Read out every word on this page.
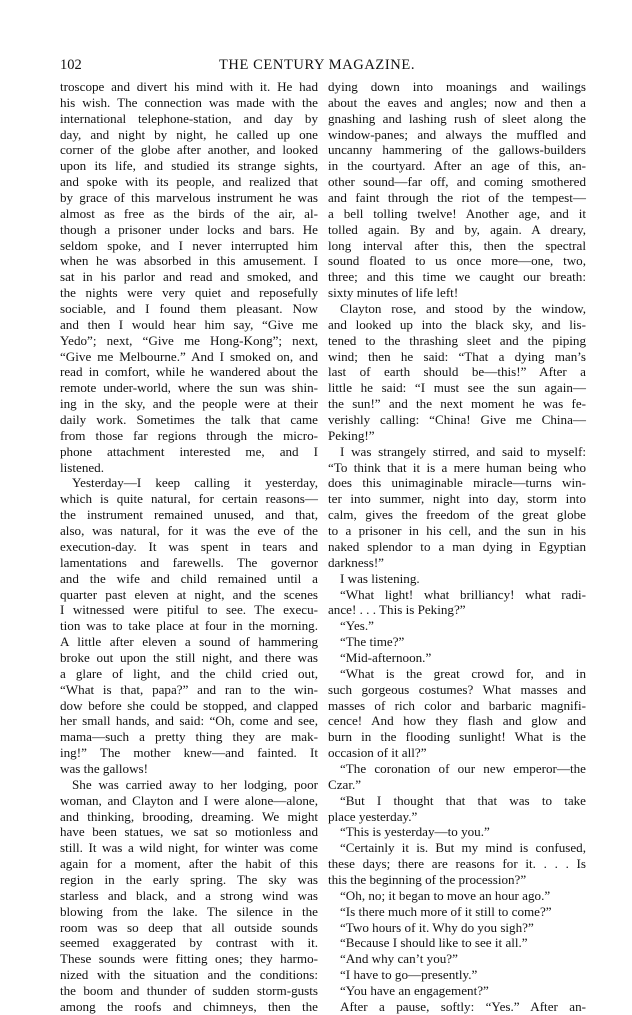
102	THE CENTURY MAGAZINE.
troscope and divert his mind with it. He had
his wish. The connection was made with the
international telephone-station, and day by
day, and night by night, he called up one
corner of the globe after another, and looked
upon its life, and studied its strange sights,
and spoke with its people, and realized that
by grace of this marvelous instrument he was
almost as free as the birds of the air, al-
though a prisoner under locks and bars. He
seldom spoke, and I never interrupted him
when he was absorbed in this amusement. I
sat in his parlor and read and smoked, and
the nights were very quiet and reposefully
sociable, and I found them pleasant. Now
and then I would hear him say, “Give me
Yedo”; next, “Give me Hong-Kong”; next,
“Give me Melbourne.” And I smoked on, and
read in comfort, while he wandered about the
remote under-world, where the sun was shin-
ing in the sky, and the people were at their
daily work. Sometimes the talk that came
from those far regions through the micro-
phone attachment interested me, and I
listened.
Yesterday—I keep calling it yesterday,
which is quite natural, for certain reasons—
the instrument remained unused, and that,
also, was natural, for it was the eve of the
execution-day. It was spent in tears and
lamentations and farewells. The governor
and the wife and child remained until a
quarter past eleven at night, and the scenes
I witnessed were pitiful to see. The execu-
tion was to take place at four in the morning.
A little after eleven a sound of hammering
broke out upon the still night, and there was
a glare of light, and the child cried out,
“What is that, papa?” and ran to the win-
dow before she could be stopped, and clapped
her small hands, and said: “Oh, come and see,
mama—such a pretty thing they are mak-
ing!” The mother knew—and fainted. It
was the gallows!
She was carried away to her lodging, poor
woman, and Clayton and I were alone—alone,
and thinking, brooding, dreaming. We might
have been statues, we sat so motionless and
still. It was a wild night, for winter was come
again for a moment, after the habit of this
region in the early spring. The sky was
starless and black, and a strong wind was
blowing from the lake. The silence in the
room was so deep that all outside sounds
seemed exaggerated by contrast with it.
These sounds were fitting ones; they harmo-
nized with the situation and the conditions:
the boom and thunder of sudden storm-gusts
among the roofs and chimneys, then the
dying down into moanings and wailings
about the eaves and angles; now and then a
gnashing and lashing rush of sleet along the
window-panes; and always the muffled and
uncanny hammering of the gallows-builders
in the courtyard. After an age of this, an-
other sound—far off, and coming smothered
and faint through the riot of the tempest—
a bell tolling twelve! Another age, and it
tolled again. By and by, again. A dreary,
long interval after this, then the spectral
sound floated to us once more—one, two,
three; and this time we caught our breath:
sixty minutes of life left!
Clayton rose, and stood by the window,
and looked up into the black sky, and lis-
tened to the thrashing sleet and the piping
wind; then he said: “That a dying man’s
last of earth should be—this!” After a
little he said: “I must see the sun again—
the sun!” and the next moment he was fe-
verishly calling: “China! Give me China—
Peking!”
I was strangely stirred, and said to myself:
“To think that it is a mere human being who
does this unimaginable miracle—turns win-
ter into summer, night into day, storm into
calm, gives the freedom of the great globe
to a prisoner in his cell, and the sun in his
naked splendor to a man dying in Egyptian
darkness!”
I was listening.
“What light! what brilliancy! what radi-
ance! . . . This is Peking?”
“Yes.”
“The time?”
“Mid-afternoon.”
“What is the great crowd for, and in
such gorgeous costumes? What masses and
masses of rich color and barbaric magnifi-
cence! And how they flash and glow and
burn in the flooding sunlight! What is the
occasion of it all?”
“The coronation of our new emperor—the
Czar.”
“But I thought that that was to take
place yesterday.”
“This is yesterday—to you.”
“Certainly it is. But my mind is confused,
these days; there are reasons for it. . . . Is
this the beginning of the procession?”
“Oh, no; it began to move an hour ago.”
“Is there much more of it still to come?”
“Two hours of it. Why do you sigh?”
“Because I should like to see it all.”
“And why can’t you?”
“I have to go—presently.”
“You have an engagement?”
After a pause, softly: “Yes.” After an-
